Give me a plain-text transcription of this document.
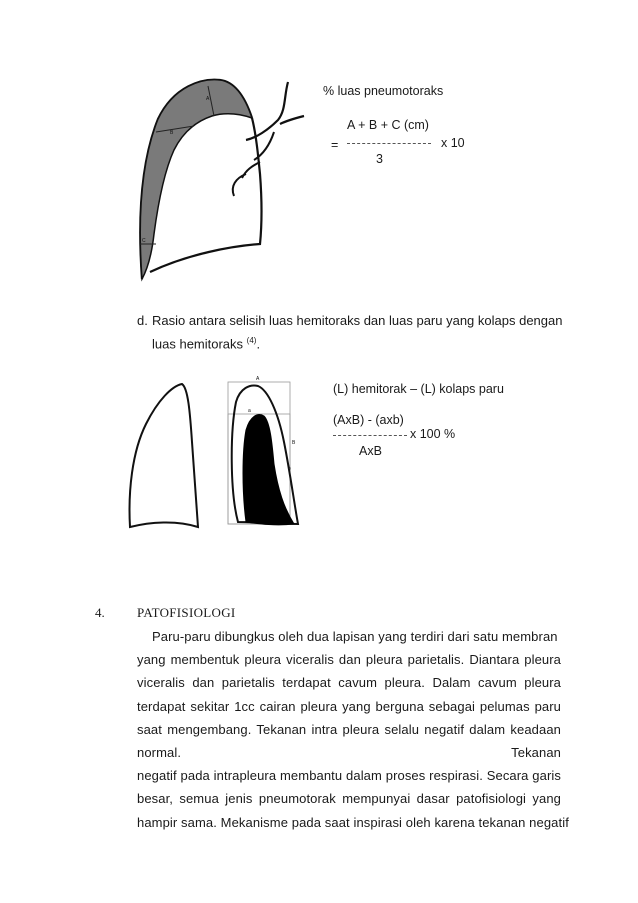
A
B
C
% luas pneumotoraks
A + B + C (cm)
=	x 10
3
d. Rasio antara selisih luas hemitoraks dan luas paru yang kolaps dengan
luas hemitoraks $^{(4)}$.
A
a
B
b
(L) hemitorak – (L) kolaps paru
(AxB) - (axb)
x 100 %
AxB
4. PATOFISIOLOGI
Paru-paru dibungkus oleh dua lapisan yang terdiri dari satu membran
yang membentuk pleura viceralis dan pleura parietalis. Diantara pleura
viceralis dan parietalis terdapat cavum pleura. Dalam cavum pleura
terdapat sekitar 1cc cairan pleura yang berguna sebagai pelumas paru
saat mengembang. Tekanan intra pleura selalu negatif dalam keadaan
normal.	Tekanan
negatif pada intrapleura membantu dalam proses respirasi. Secara garis
besar, semua jenis pneumotorak mempunyai dasar patofisiologi yang
hampir sama. Mekanisme pada saat inspirasi oleh karena tekanan negatif
